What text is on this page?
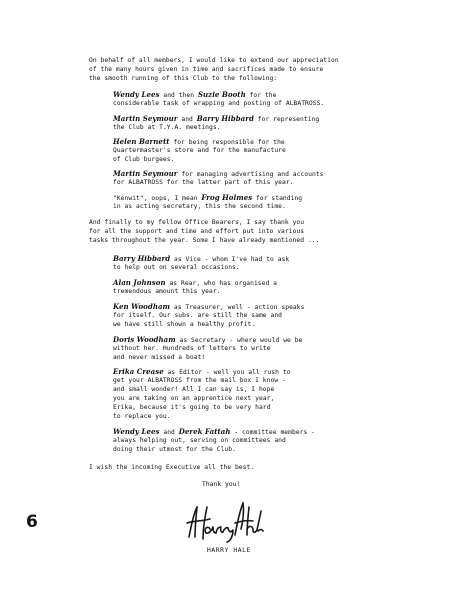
On behalf of all members, I would like to extend our appreciation
of the many hours given in time and sacrifices made to ensure
the smooth running of this Club to the following:
Wendy Lees and then Suzie Booth for the
considerable task of wrapping and posting of ALBATROSS.
Martin Seymour and Barry Hibbard for representing
the Club at T.Y.A. meetings.
Helen Barnett for being responsible for the
Quartermaster's store and for the manufacture
of Club burgees.
Martin Seymour for managing advertising and accounts
for ALBATROSS for the latter part of this year.
"Kenwit", oops, I mean Frog Holmes for standing
in as acting secretary, this the second time.
And finally to my fellow Office Bearers, I say thank you
for all the support and time and effort put into various
tasks throughout the year. Some I have already mentioned ...
Barry Hibbard as Vice - whom I've had to ask
to help out on several occasions.
Alan Johnson as Rear, who has organised a
tremendous amount this year.
Ken Woodham as Treasurer, well - action speaks
for itself. Our subs. are still the same and
we have still shown a healthy profit.
Doris Woodham as Secretary - where would we be
without her. Hundreds of letters to write
and never missed a boat!
Erika Crease as Editor - well you all rush to
get your ALBATROSS from the mail box I know -
and small wonder! All I can say is, I hope
you are taking on an apprentice next year,
Erika, because it's going to be very hard
to replace you.
Wendy Lees and Derek Fattah - committee members -
always helping out, serving on committees and
doing their utmost for the Club.
I wish the incoming Executive all the best.
Thank you!
HARRY HALE
6
